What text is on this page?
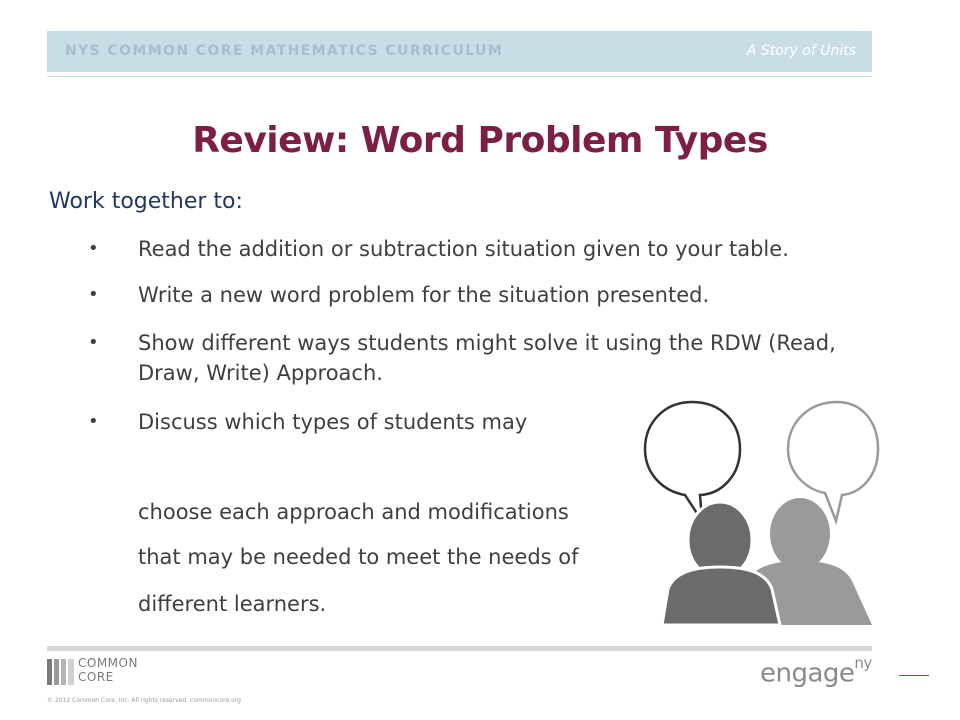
NYS COMMON CORE MATHEMATICS CURRICULUM	A Story of Units
Review: Word Problem Types
Work together to:
• Read the addition or subtraction situation given to your table.
• Write a new word problem for the situation presented.
• Show different ways students might solve it using the RDW (Read, Draw, Write) Approach.
• Discuss which types of students may
choose each approach and modifications
that may be needed to meet the needs of
different learners.
COMMON
CORE
© 2012 Common Core, Inc. All rights reserved. commoncore.org
engage$^{ny}$
